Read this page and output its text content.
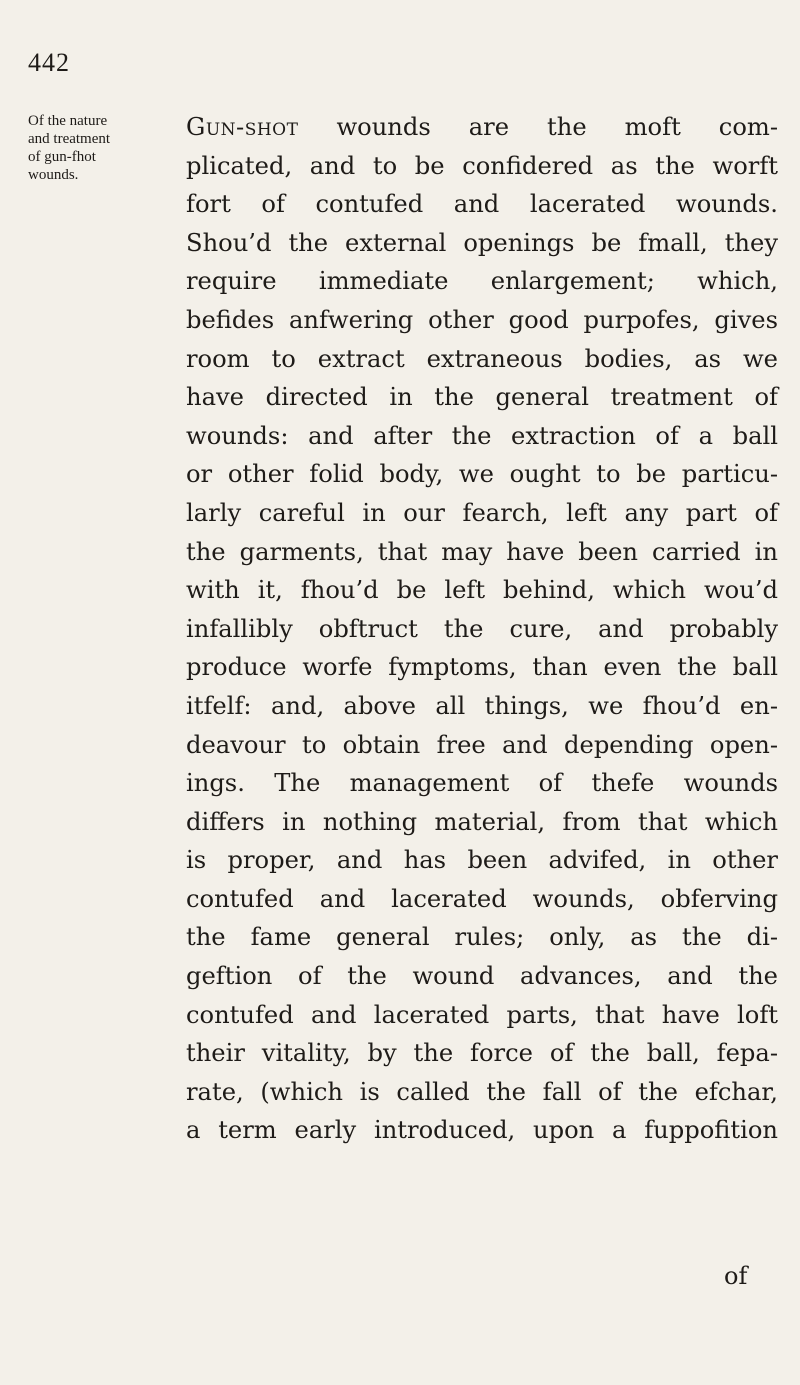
442
Of the nature
and treatment
of gun-fhot
wounds.
Gun-shot wounds are the moft com-
plicated, and to be confidered as the worft
fort of contufed and lacerated wounds.
Shou’d the external openings be fmall, they
require immediate enlargement; which,
befides anfwering other good purpofes, gives
room to extract extraneous bodies, as we
have directed in the general treatment of
wounds: and after the extraction of a ball
or other folid body, we ought to be particu-
larly careful in our fearch, left any part of
the garments, that may have been carried in
with it, fhou’d be left behind, which wou’d
infallibly obftruct the cure, and probably
produce worfe fymptoms, than even the ball
itfelf: and, above all things, we fhou’d en-
deavour to obtain free and depending open-
ings. The management of thefe wounds
differs in nothing material, from that which
is proper, and has been advifed, in other
contufed and lacerated wounds, obferving
the fame general rules; only, as the di-
geftion of the wound advances, and the
contufed and lacerated parts, that have loft
their vitality, by the force of the ball, fepa-
rate, (which is called the fall of the efchar,
a term early introduced, upon a fuppofition
of
